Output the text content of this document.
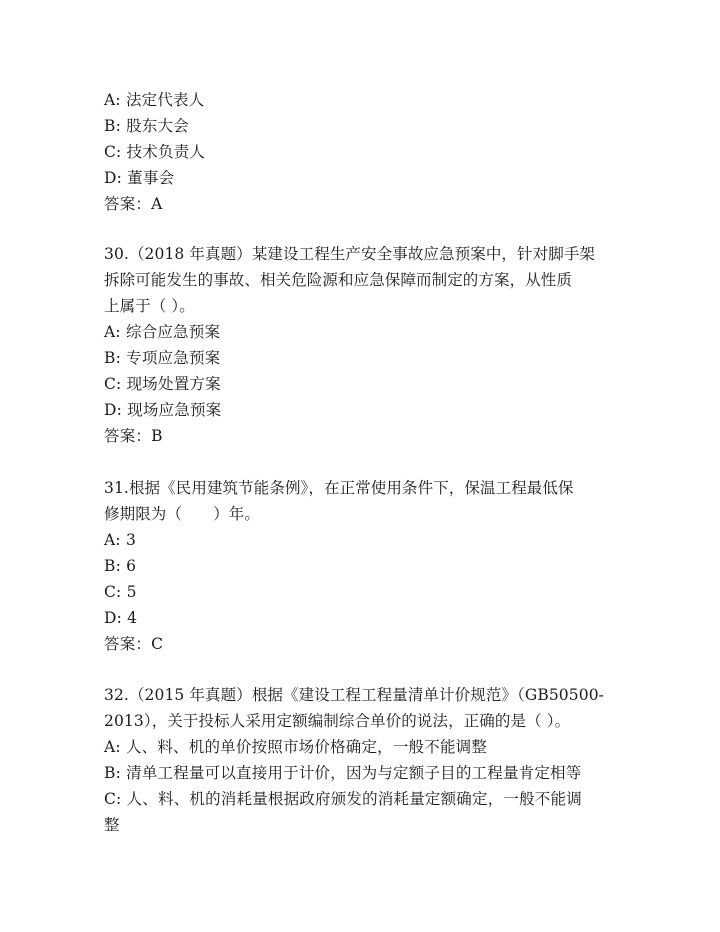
A: 法定代表人
B: 股东大会
C: 技术负责人
D: 董事会
答案：A
30.（2018 年真题）某建设工程生产安全事故应急预案中，针对脚手架
拆除可能发生的事故、相关危险源和应急保障而制定的方案，从性质
上属于（ ）。
A: 综合应急预案
B: 专项应急预案
C: 现场处置方案
D: 现场应急预案
答案：B
31.根据《民用建筑节能条例》，在正常使用条件下，保温工程最低保
修期限为（　　）年。
A: 3
B: 6
C: 5
D: 4
答案：C
32.（2015 年真题）根据《建设工程工程量清单计价规范》（GB50500-
2013），关于投标人采用定额编制综合单价的说法，正确的是（ ）。
A: 人、料、机的单价按照市场价格确定，一般不能调整
B: 清单工程量可以直接用于计价，因为与定额子目的工程量肯定相等
C: 人、料、机的消耗量根据政府颁发的消耗量定额确定，一般不能调
整
